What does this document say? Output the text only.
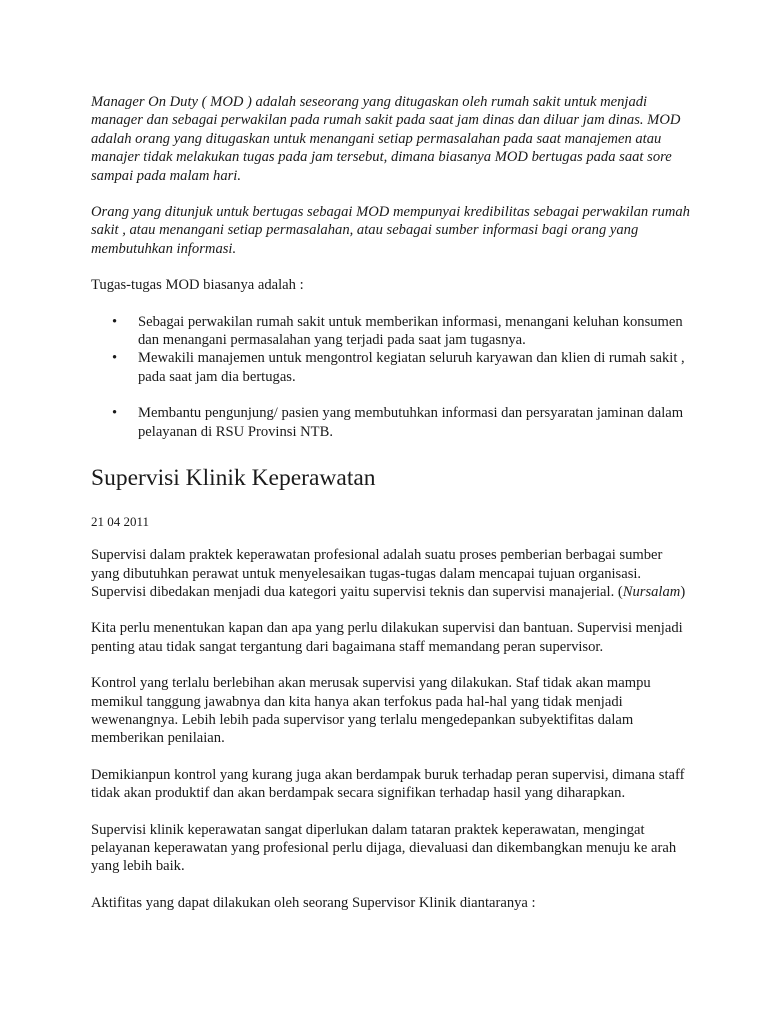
Manager On Duty ( MOD ) adalah seseorang yang ditugaskan oleh rumah sakit untuk menjadi manager dan sebagai perwakilan pada rumah sakit pada saat jam dinas dan diluar jam dinas. MOD adalah orang yang ditugaskan untuk menangani setiap permasalahan pada saat manajemen atau manajer tidak melakukan tugas pada jam tersebut, dimana biasanya MOD bertugas pada saat sore sampai pada malam hari.

Orang yang ditunjuk untuk bertugas sebagai MOD mempunyai kredibilitas sebagai perwakilan rumah sakit , atau menangani setiap permasalahan, atau sebagai sumber informasi bagi orang yang membutuhkan informasi.

Tugas-tugas MOD biasanya adalah :

• Sebagai perwakilan rumah sakit untuk memberikan informasi, menangani keluhan konsumen dan menangani permasalahan yang terjadi pada saat jam tugasnya.
• Mewakili manajemen untuk mengontrol kegiatan seluruh karyawan dan klien di rumah sakit , pada saat jam dia bertugas.
• Membantu pengunjung/ pasien yang membutuhkan informasi dan persyaratan jaminan dalam pelayanan di RSU Provinsi NTB.
Supervisi Klinik Keperawatan

21 04 2011

Supervisi dalam praktek keperawatan profesional adalah suatu proses pemberian berbagai sumber yang dibutuhkan perawat untuk menyelesaikan tugas-tugas dalam mencapai tujuan organisasi. Supervisi dibedakan menjadi dua kategori yaitu supervisi teknis dan supervisi manajerial. (Nursalam)

Kita perlu menentukan kapan dan apa yang perlu dilakukan supervisi dan bantuan. Supervisi menjadi penting atau tidak sangat tergantung dari bagaimana staff memandang peran supervisor.

Kontrol yang terlalu berlebihan akan merusak supervisi yang dilakukan. Staf tidak akan mampu memikul tanggung jawabnya dan kita hanya akan terfokus pada hal-hal yang tidak menjadi wewenangnya. Lebih lebih pada supervisor yang terlalu mengedepankan subyektifitas dalam memberikan penilaian.

Demikianpun kontrol yang kurang juga akan berdampak buruk terhadap peran supervisi, dimana staff tidak akan produktif dan akan berdampak secara signifikan terhadap hasil yang diharapkan.

Supervisi klinik keperawatan sangat diperlukan dalam tataran praktek keperawatan, mengingat pelayanan keperawatan yang profesional perlu dijaga, dievaluasi dan dikembangkan menuju ke arah yang lebih baik.

Aktifitas yang dapat dilakukan oleh seorang Supervisor Klinik diantaranya :
